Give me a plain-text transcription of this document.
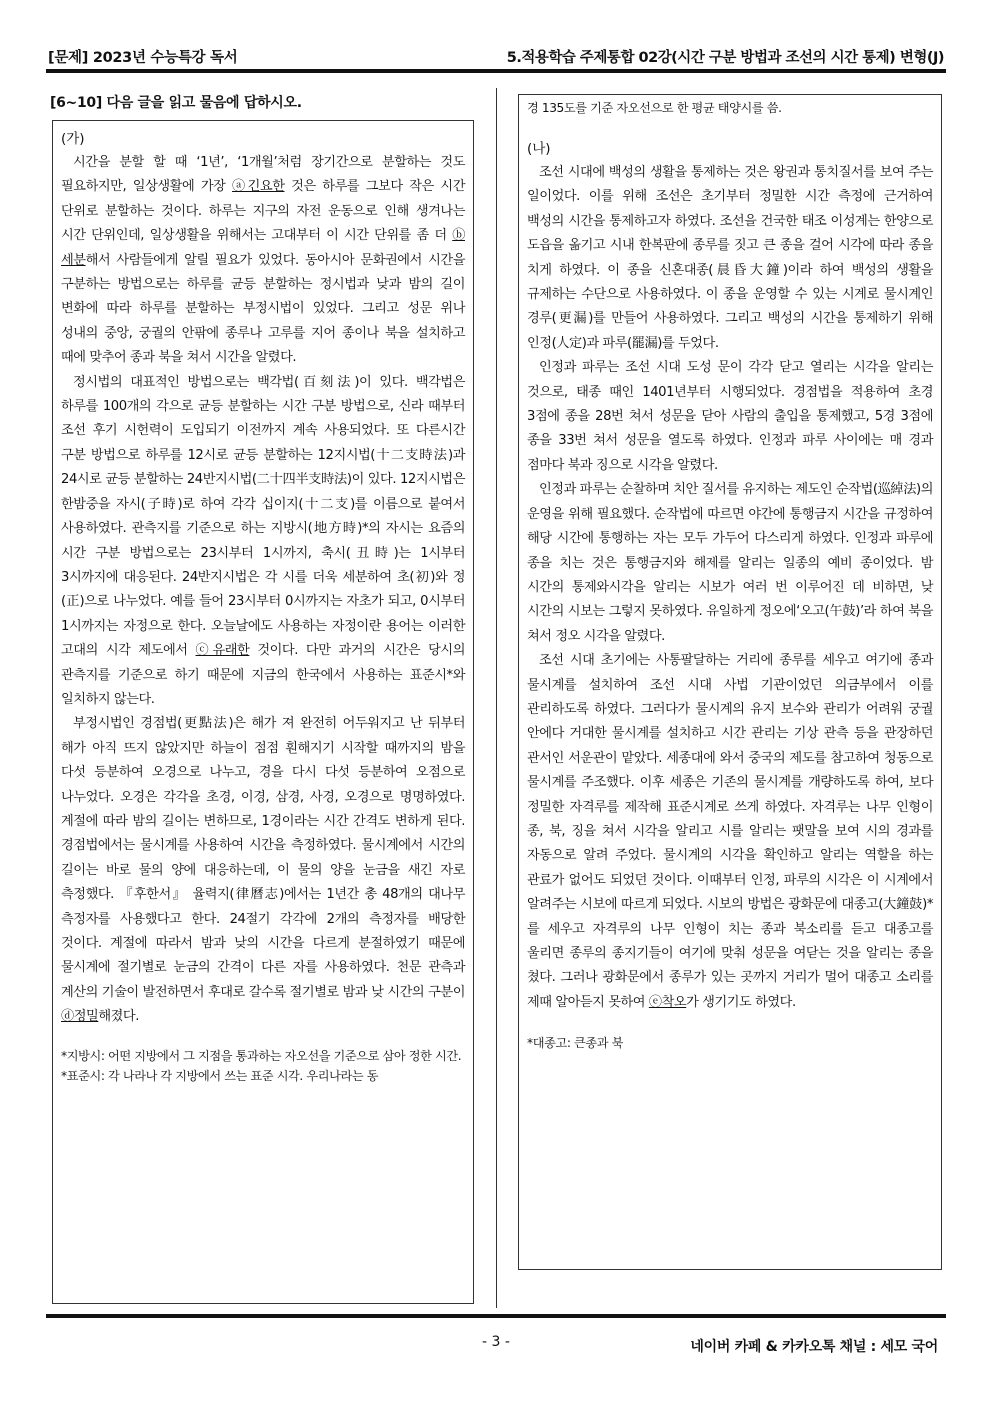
[문제] 2023년 수능특강 독서	5.적용학습 주제통합 02강(시간 구분 방법과 조선의 시간 통제) 변형(J)
[6~10] 다음 글을 읽고 물음에 답하시오.

(가)

시간을 분할 할 때 ‘1년’, ‘1개월’처럼 장기간으로 분할하는 것도 필요하지만, 일상생활에 가장 ⓐ긴요한 것은 하루를 그보다 작은 시간 단위로 분할하는 것이다. 하루는 지구의 자전 운동으로 인해 생겨나는 시간 단위인데, 일상생활을 위해서는 고대부터 이 시간 단위를 좀 더 ⓑ세분해서 사람들에게 알릴 필요가 있었다. 동아시아 문화권에서 시간을 구분하는 방법으로는 하루를 균등 분할하는 정시법과 낮과 밤의 길이 변화에 따라 하루를 분할하는 부정시법이 있었다. 그리고 성문 위나 성내의 중앙, 궁궐의 안팎에 종루나 고루를 지어 종이나 북을 설치하고 때에 맞추어 종과 북을 쳐서 시간을 알렸다.

정시법의 대표적인 방법으로는 백각법(百刻法)이 있다. 백각법은 하루를 100개의 각으로 균등 분할하는 시간 구분 방법으로, 신라 때부터 조선 후기 시헌력이 도입되기 이전까지 계속 사용되었다. 또 다른시간 구분 방법으로 하루를 12시로 균등 분할하는 12지시법(十二支時法)과 24시로 균등 분할하는 24반지시법(二十四半支時法)이 있다. 12지시법은 한밤중을 자시(子時)로 하여 각각 십이지(十二支)를 이름으로 붙여서 사용하였다. 관측지를 기준으로 하는 지방시(地方時)*의 자시는 요즘의 시간 구분 방법으로는 23시부터 1시까지, 축시(丑時)는 1시부터 3시까지에 대응된다. 24반지시법은 각 시를 더욱 세분하여 초(初)와 정(正)으로 나누었다. 예를 들어 23시부터 0시까지는 자초가 되고, 0시부터 1시까지는 자정으로 한다. 오늘날에도 사용하는 자정이란 용어는 이러한 고대의 시각 제도에서 ⓒ유래한 것이다. 다만 과거의 시간은 당시의 관측지를 기준으로 하기 때문에 지금의 한국에서 사용하는 표준시*와 일치하지 않는다.

부정시법인 경점법(更點法)은 해가 져 완전히 어두워지고 난 뒤부터 해가 아직 뜨지 않았지만 하늘이 점점 훤해지기 시작할 때까지의 밤을 다섯 등분하여 오경으로 나누고, 경을 다시 다섯 등분하여 오점으로 나누었다. 오경은 각각을 초경, 이경, 삼경, 사경, 오경으로 명명하였다. 계절에 따라 밤의 길이는 변하므로, 1경이라는 시간 간격도 변하게 된다. 경점법에서는 물시계를 사용하여 시간을 측정하였다. 물시계에서 시간의 길이는 바로 물의 양에 대응하는데, 이 물의 양을 눈금을 새긴 자로 측정했다. 『후한서』 율력지(律曆志)에서는 1년간 총 48개의 대나무 측정자를 사용했다고 한다. 24절기 각각에 2개의 측정자를 배당한 것이다. 계절에 따라서 밤과 낮의 시간을 다르게 분절하였기 때문에 물시계에 절기별로 눈금의 간격이 다른 자를 사용하였다. 천문 관측과 계산의 기술이 발전하면서 후대로 갈수록 절기별로 밤과 낮 시간의 구분이 ⓓ정밀해졌다.

*지방시: 어떤 지방에서 그 지점을 통과하는 자오선을 기준으로 삼아 정한 시간.

*표준시: 각 나라나 각 지방에서 쓰는 표준 시각. 우리나라는 동

경 135도를 기준 자오선으로 한 평균 태양시를 씀.

(나)

조선 시대에 백성의 생활을 통제하는 것은 왕권과 통치질서를 보여 주는 일이었다. 이를 위해 조선은 초기부터 정밀한 시간 측정에 근거하여 백성의 시간을 통제하고자 하였다. 조선을 건국한 태조 이성계는 한양으로 도읍을 옮기고 시내 한복판에 종루를 짓고 큰 종을 걸어 시각에 따라 종을 치게 하였다. 이 종을 신혼대종(晨昏大鐘)이라 하여 백성의 생활을 규제하는 수단으로 사용하였다. 이 종을 운영할 수 있는 시계로 물시계인 경루(更漏)를 만들어 사용하였다. 그리고 백성의 시간을 통제하기 위해 인정(人定)과 파루(罷漏)를 두었다.

인정과 파루는 조선 시대 도성 문이 각각 닫고 열리는 시각을 알리는 것으로, 태종 때인 1401년부터 시행되었다. 경점법을 적용하여 초경 3점에 종을 28번 쳐서 성문을 닫아 사람의 출입을 통제했고, 5경 3점에 종을 33번 쳐서 성문을 열도록 하였다. 인정과 파루 사이에는 매 경과 점마다 북과 징으로 시각을 알렸다.

인정과 파루는 순찰하며 치안 질서를 유지하는 제도인 순작법(巡綽法)의 운영을 위해 필요했다. 순작법에 따르면 야간에 통행금지 시간을 규정하여 해당 시간에 통행하는 자는 모두 가두어 다스리게 하였다. 인정과 파루에 종을 치는 것은 통행금지와 해제를 알리는 일종의 예비 종이었다. 밤 시간의 통제와시각을 알리는 시보가 여러 번 이루어진 데 비하면, 낮 시간의 시보는 그렇지 못하였다. 유일하게 정오에‘오고(午鼓)’라 하여 북을 쳐서 정오 시각을 알렸다.

조선 시대 초기에는 사통팔달하는 거리에 종루를 세우고 여기에 종과 물시계를 설치하여 조선 시대 사법 기관이었던 의금부에서 이를 관리하도록 하였다. 그러다가 물시계의 유지 보수와 관리가 어려워 궁궐 안에다 거대한 물시계를 설치하고 시간 관리는 기상 관측 등을 관장하던 관서인 서운관이 맡았다. 세종대에 와서 중국의 제도를 참고하여 청동으로 물시계를 주조했다. 이후 세종은 기존의 물시계를 개량하도록 하여, 보다 정밀한 자격루를 제작해 표준시계로 쓰게 하였다. 자격루는 나무 인형이 종, 북, 징을 쳐서 시각을 알리고 시를 알리는 팻말을 보여 시의 경과를 자동으로 알려 주었다. 물시계의 시각을 확인하고 알리는 역할을 하는 관료가 없어도 되었던 것이다. 이때부터 인정, 파루의 시각은 이 시계에서 알려주는 시보에 따르게 되었다. 시보의 방법은 광화문에 대종고(大鐘鼓)*를 세우고 자격루의 나무 인형이 치는 종과 북소리를 듣고 대종고를 울리면 종루의 종지기들이 여기에 맞춰 성문을 여닫는 것을 알리는 종을 쳤다. 그러나 광화문에서 종루가 있는 곳까지 거리가 멀어 대종고 소리를 제때 알아듣지 못하여 ⓔ착오가 생기기도 하였다.

*대종고: 큰종과 북

- 3 -	네이버 카페 & 카카오톡 채널 : 세모 국어
